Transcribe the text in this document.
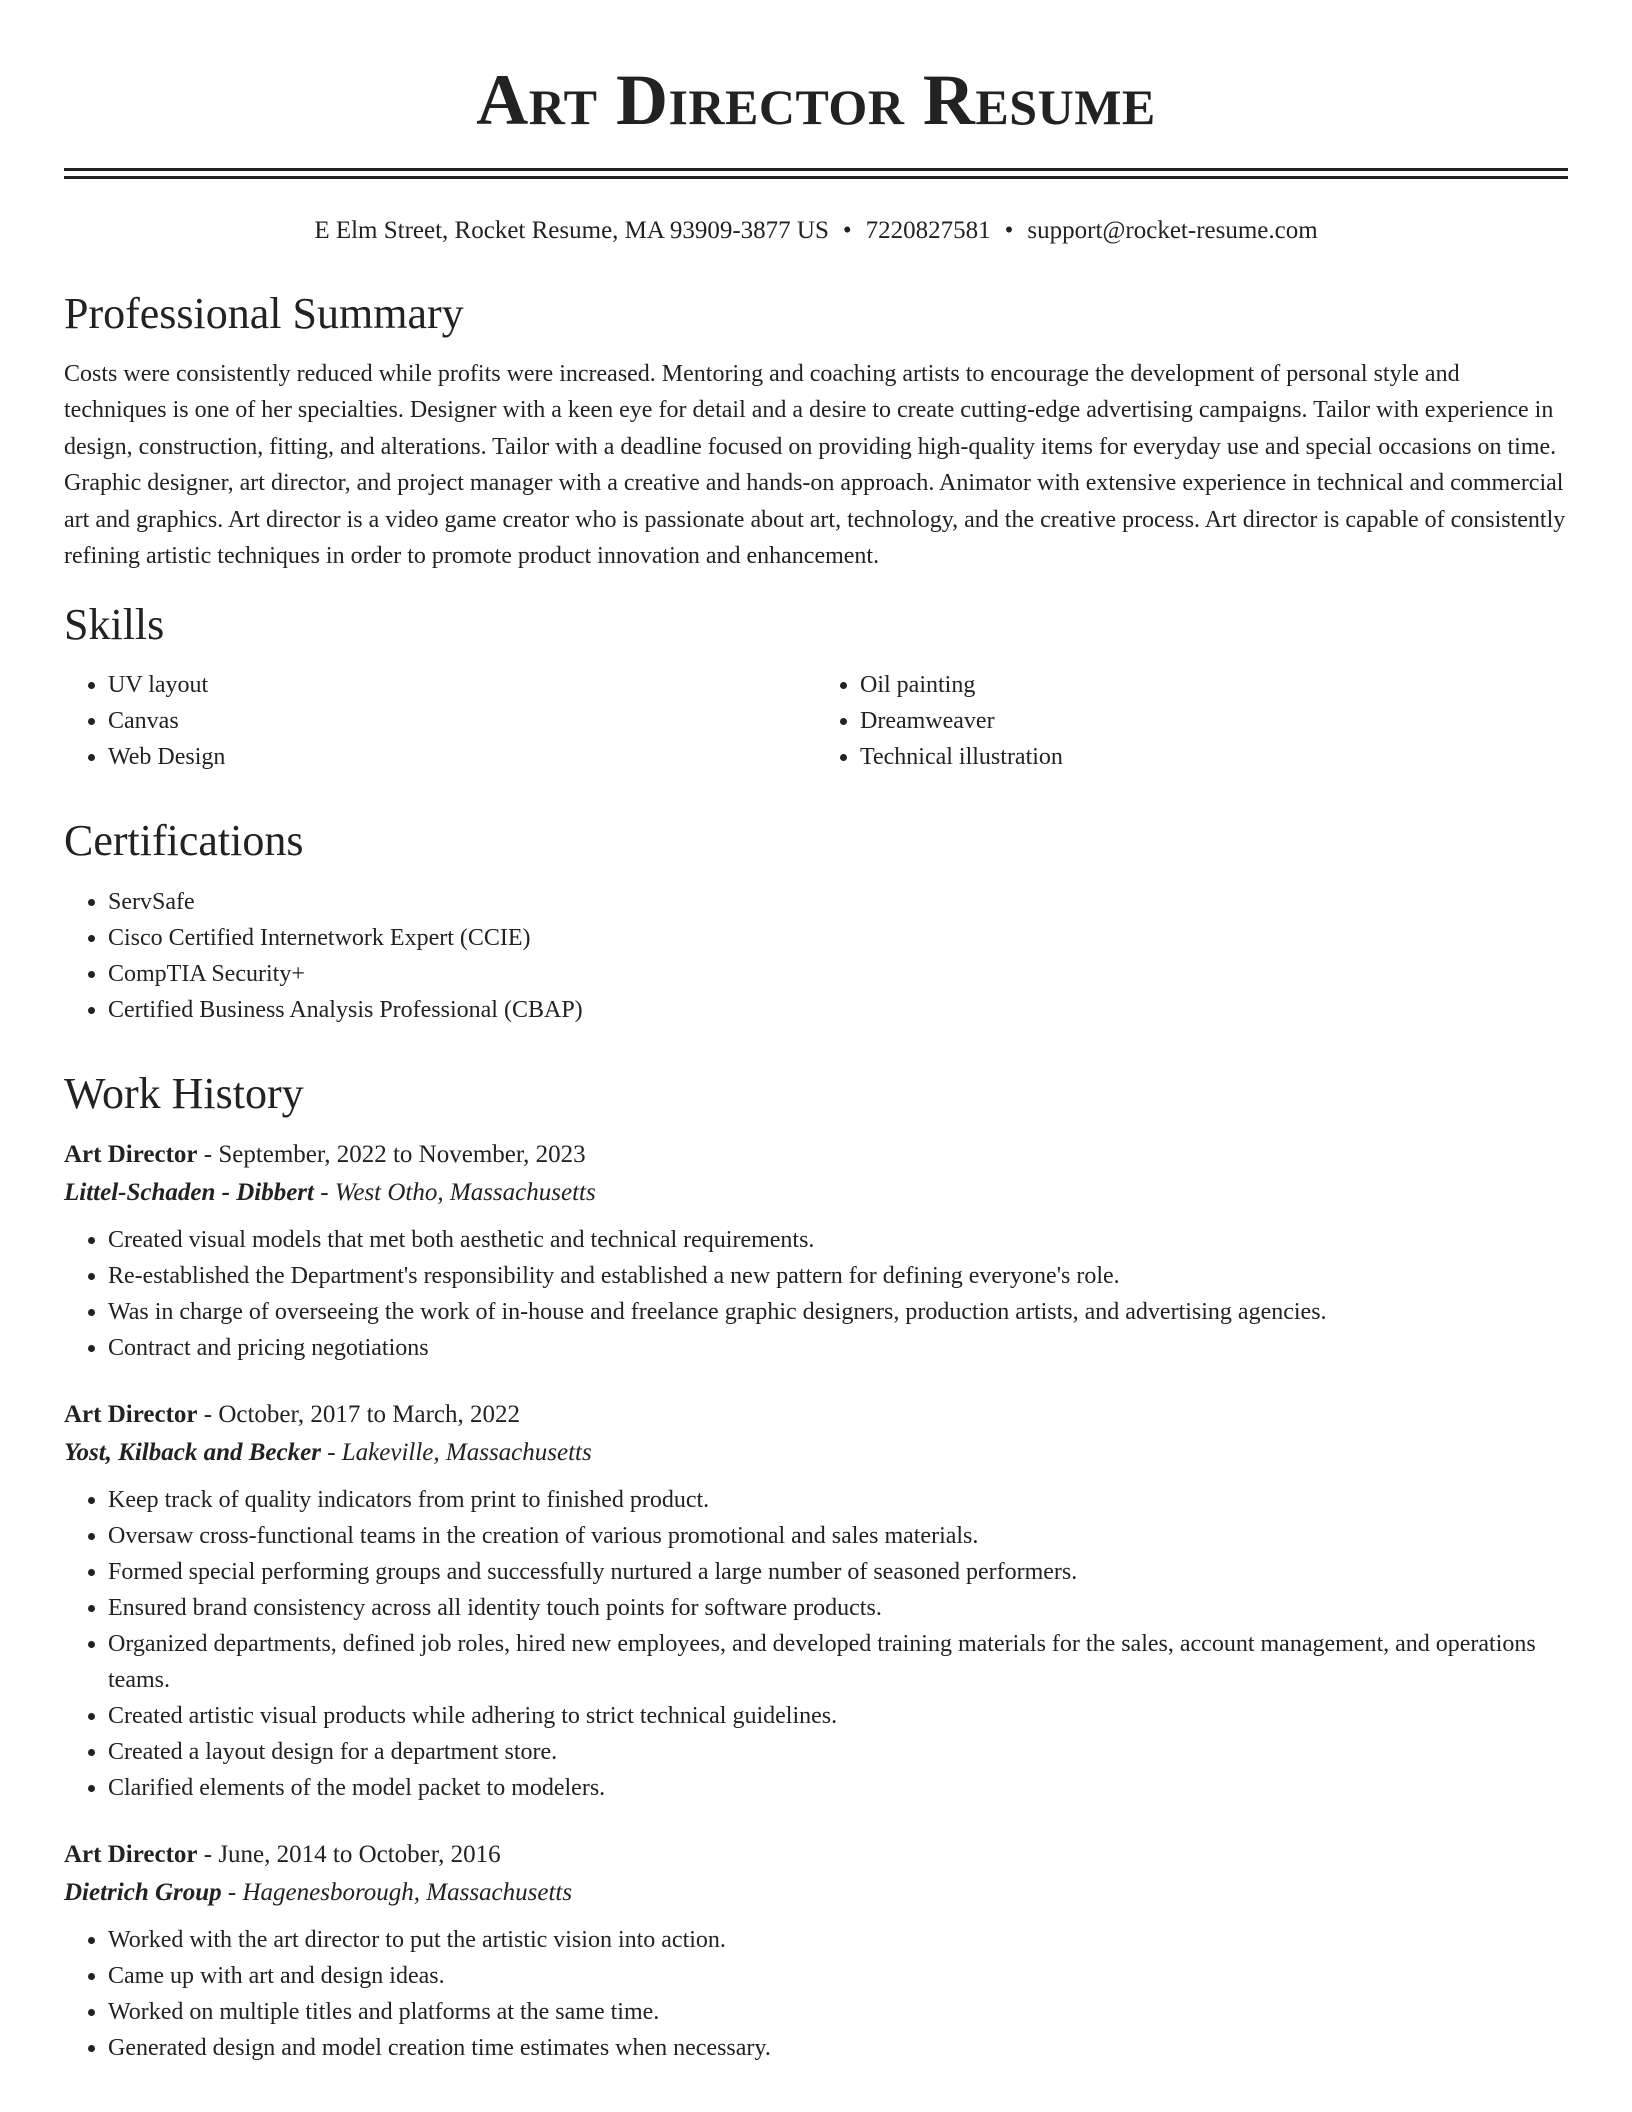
Art Director Resume
E Elm Street, Rocket Resume, MA 93909-3877 US • 7220827581 • support@rocket-resume.com
Professional Summary

Costs were consistently reduced while profits were increased. Mentoring and coaching artists to encourage the development of personal style and techniques is one of her specialties. Designer with a keen eye for detail and a desire to create cutting-edge advertising campaigns. Tailor with experience in design, construction, fitting, and alterations. Tailor with a deadline focused on providing high-quality items for everyday use and special occasions on time. Graphic designer, art director, and project manager with a creative and hands-on approach. Animator with extensive experience in technical and commercial art and graphics. Art director is a video game creator who is passionate about art, technology, and the creative process. Art director is capable of consistently refining artistic techniques in order to promote product innovation and enhancement.

Skills
• UV layout
• Canvas
• Web Design
• Oil painting
• Dreamweaver
• Technical illustration
Certifications
• ServSafe
• Cisco Certified Internetwork Expert (CCIE)
• CompTIA Security+
• Certified Business Analysis Professional (CBAP)
Work History
Art Director - September, 2022 to November, 2023
Littel-Schaden - Dibbert - West Otho, Massachusetts
• Created visual models that met both aesthetic and technical requirements.
• Re-established the Department's responsibility and established a new pattern for defining everyone's role.
• Was in charge of overseeing the work of in-house and freelance graphic designers, production artists, and advertising agencies.
• Contract and pricing negotiations
Art Director - October, 2017 to March, 2022
Yost, Kilback and Becker - Lakeville, Massachusetts
• Keep track of quality indicators from print to finished product.
• Oversaw cross-functional teams in the creation of various promotional and sales materials.
• Formed special performing groups and successfully nurtured a large number of seasoned performers.
• Ensured brand consistency across all identity touch points for software products.
• Organized departments, defined job roles, hired new employees, and developed training materials for the sales, account management, and operations teams.
• Created artistic visual products while adhering to strict technical guidelines.
• Created a layout design for a department store.
• Clarified elements of the model packet to modelers.
Art Director - June, 2014 to October, 2016
Dietrich Group - Hagenesborough, Massachusetts
• Worked with the art director to put the artistic vision into action.
• Came up with art and design ideas.
• Worked on multiple titles and platforms at the same time.
• Generated design and model creation time estimates when necessary.
